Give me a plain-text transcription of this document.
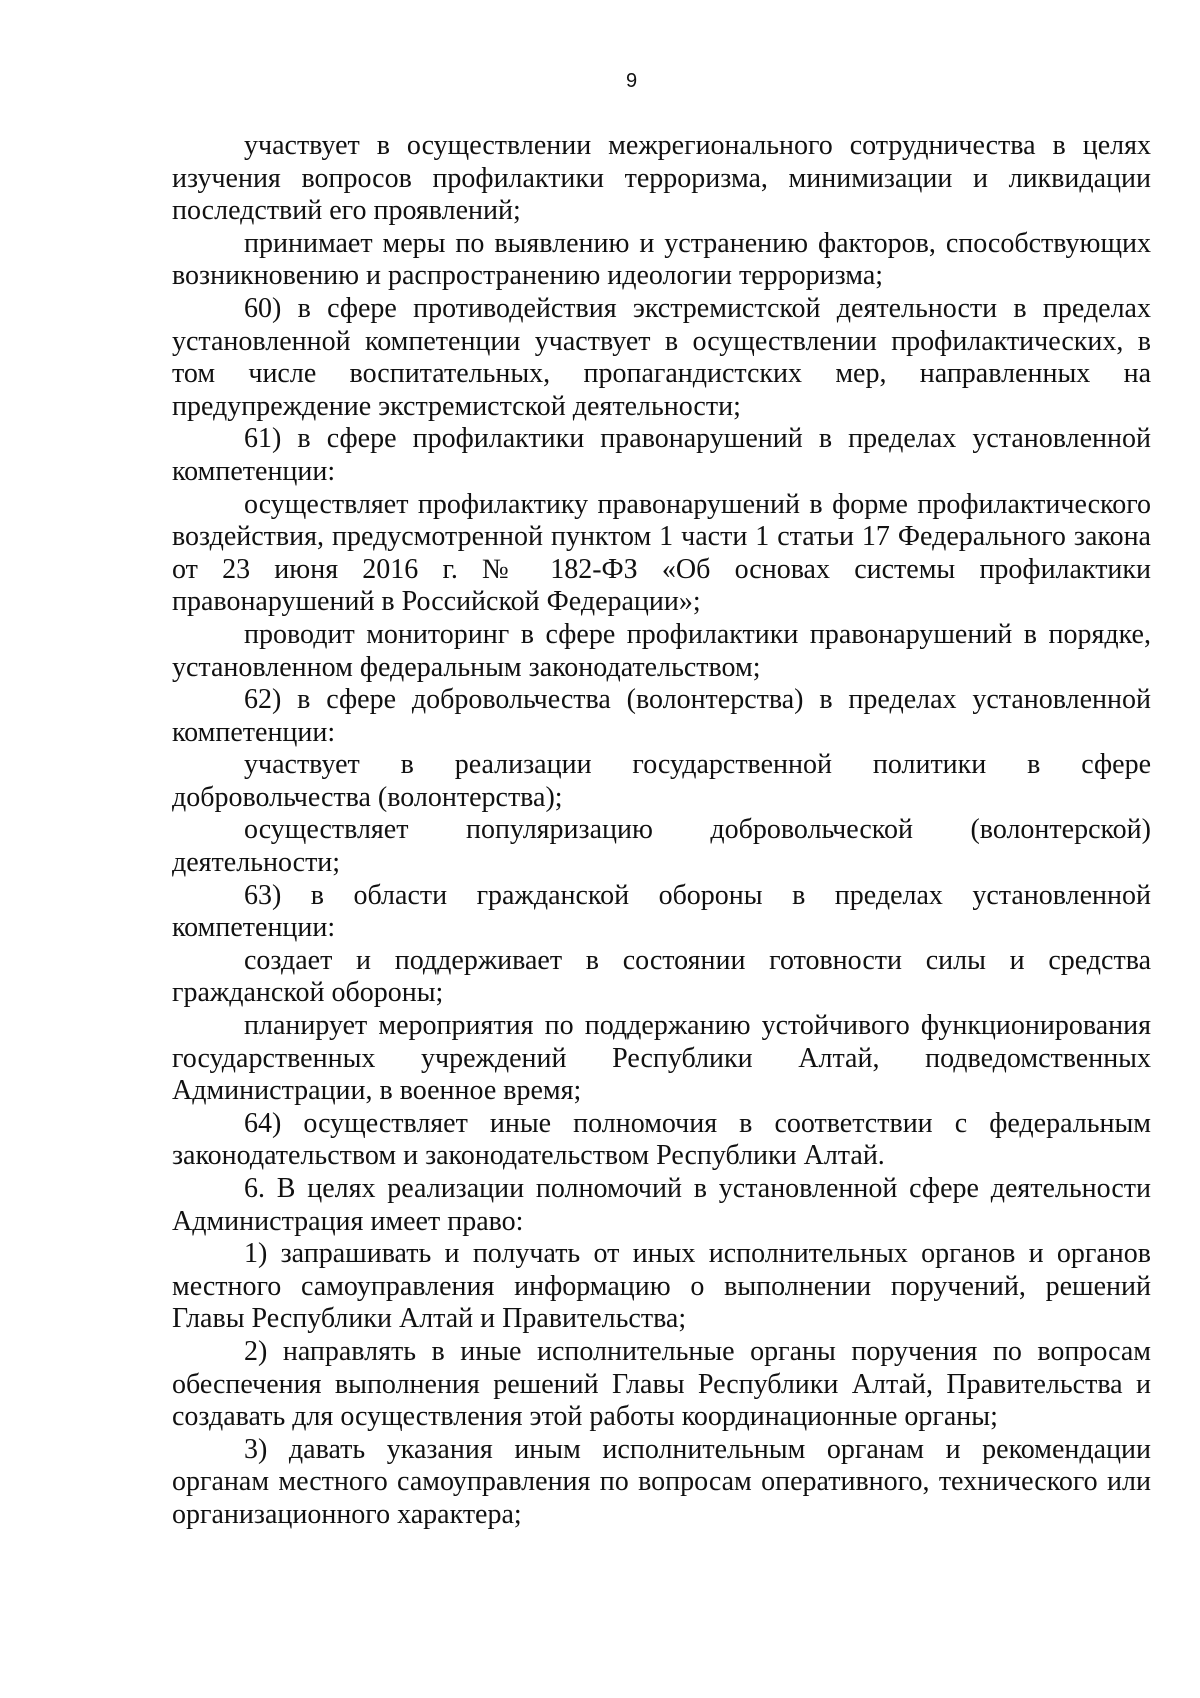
9

участвует в осуществлении межрегионального сотрудничества в целях изучения вопросов профилактики терроризма, минимизации и ликвидации последствий его проявлений;

принимает меры по выявлению и устранению факторов, способствующих возникновению и распространению идеологии терроризма;

60) в сфере противодействия экстремистской деятельности в пределах установленной компетенции участвует в осуществлении профилактических, в том числе воспитательных, пропагандистских мер, направленных на предупреждение экстремистской деятельности;

61) в сфере профилактики правонарушений в пределах установленной компетенции:

осуществляет профилактику правонарушений в форме профилактического воздействия, предусмотренной пунктом 1 части 1 статьи 17 Федерального закона от 23 июня 2016 г. № 182-ФЗ «Об основах системы профилактики правонарушений в Российской Федерации»;

проводит мониторинг в сфере профилактики правонарушений в порядке, установленном федеральным законодательством;

62) в сфере добровольчества (волонтерства) в пределах установленной компетенции:

участвует в реализации государственной политики в сфере добровольчества (волонтерства);

осуществляет популяризацию добровольческой (волонтерской) деятельности;

63) в области гражданской обороны в пределах установленной компетенции:

создает и поддерживает в состоянии готовности силы и средства гражданской обороны;

планирует мероприятия по поддержанию устойчивого функционирования государственных учреждений Республики Алтай, подведомственных Администрации, в военное время;

64) осуществляет иные полномочия в соответствии с федеральным законодательством и законодательством Республики Алтай.

6. В целях реализации полномочий в установленной сфере деятельности Администрация имеет право:

1) запрашивать и получать от иных исполнительных органов и органов местного самоуправления информацию о выполнении поручений, решений Главы Республики Алтай и Правительства;

2) направлять в иные исполнительные органы поручения по вопросам обеспечения выполнения решений Главы Республики Алтай, Правительства и создавать для осуществления этой работы координационные органы;

3) давать указания иным исполнительным органам и рекомендации органам местного самоуправления по вопросам оперативного, технического или организационного характера;
